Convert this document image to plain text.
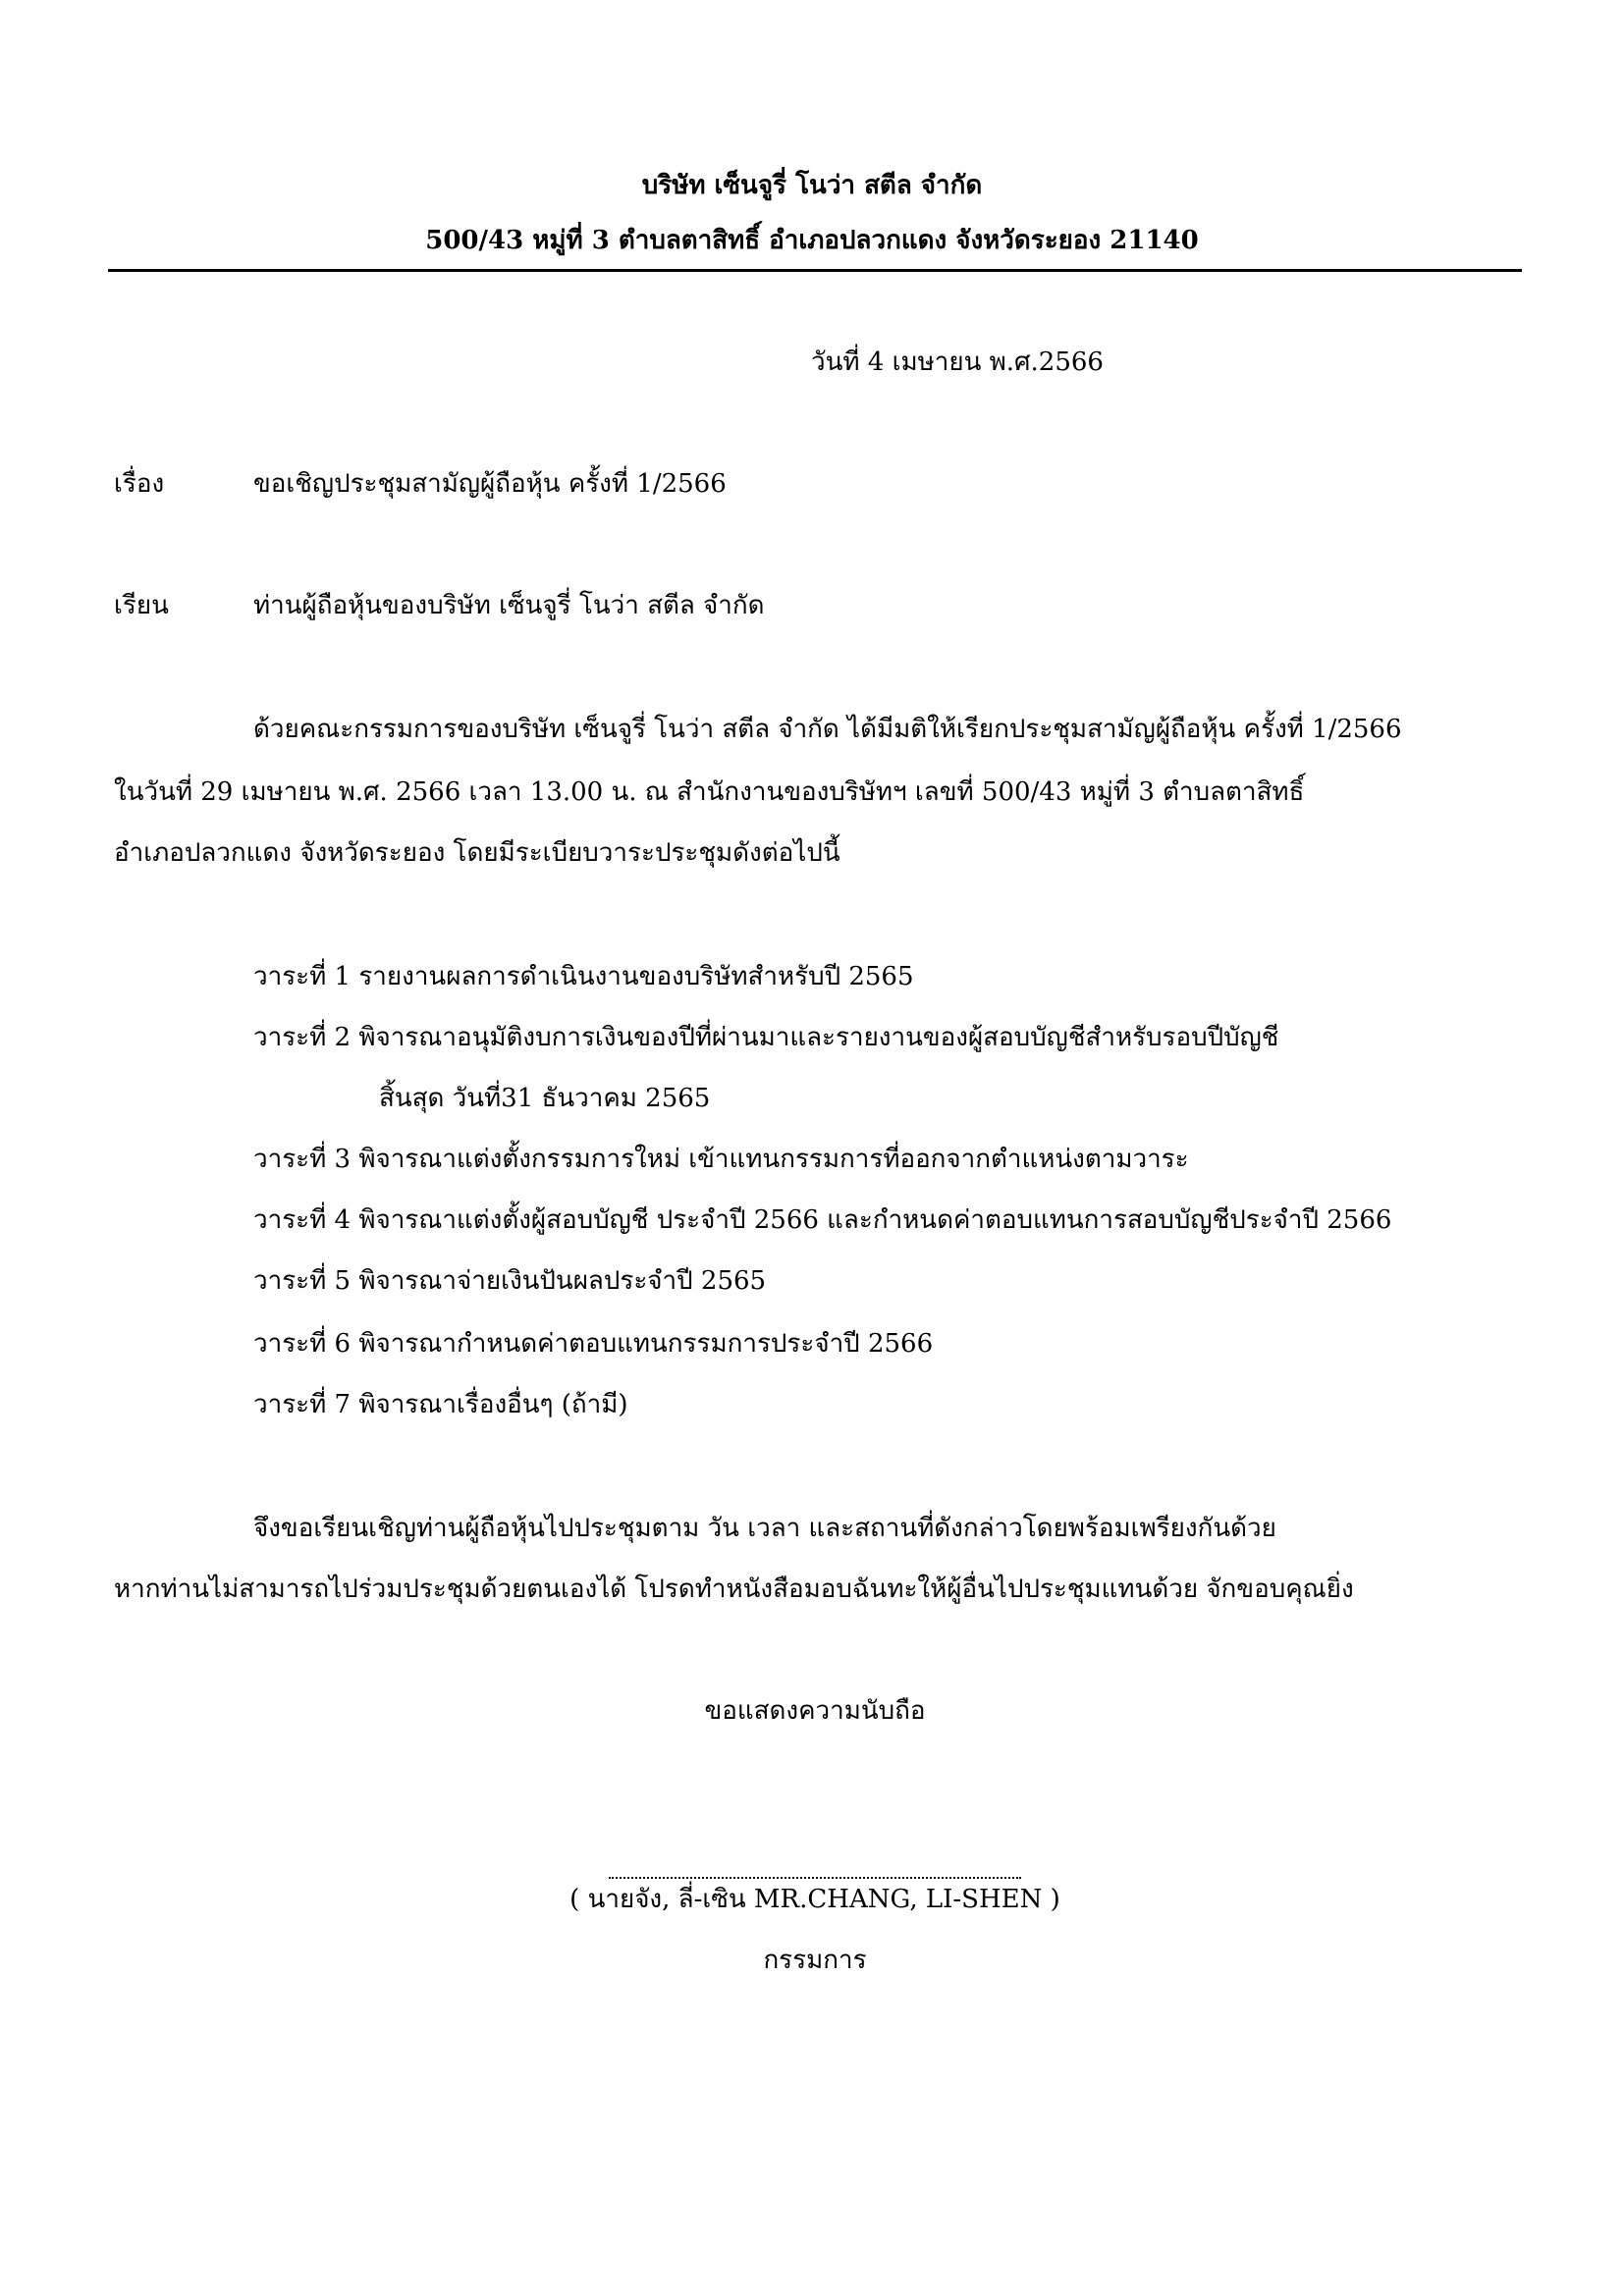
บริษัท เซ็นจูรี่ โนว่า สตีล จำกัด
500/43 หมู่ที่ 3 ตำบลตาสิทธิ์ อำเภอปลวกแดง จังหวัดระยอง 21140
วันที่ 4 เมษายน พ.ศ.2566
เรื่อง	ขอเชิญประชุมสามัญผู้ถือหุ้น ครั้งที่ 1/2566
เรียน	ท่านผู้ถือหุ้นของบริษัท เซ็นจูรี่ โนว่า สตีล จำกัด
ด้วยคณะกรรมการของบริษัท เซ็นจูรี่ โนว่า สตีล จำกัด ได้มีมติให้เรียกประชุมสามัญผู้ถือหุ้น ครั้งที่ 1/2566
ในวันที่ 29 เมษายน พ.ศ. 2566 เวลา 13.00 น. ณ สำนักงานของบริษัทฯ เลขที่ 500/43 หมู่ที่ 3 ตำบลตาสิทธิ์
อำเภอปลวกแดง จังหวัดระยอง โดยมีระเบียบวาระประชุมดังต่อไปนี้
วาระที่ 1 รายงานผลการดำเนินงานของบริษัทสำหรับปี 2565
วาระที่ 2 พิจารณาอนุมัติงบการเงินของปีที่ผ่านมาและรายงานของผู้สอบบัญชีสำหรับรอบปีบัญชี
สิ้นสุด วันที่31 ธันวาคม 2565
วาระที่ 3 พิจารณาแต่งตั้งกรรมการใหม่ เข้าแทนกรรมการที่ออกจากตำแหน่งตามวาระ
วาระที่ 4 พิจารณาแต่งตั้งผู้สอบบัญชี ประจำปี 2566 และกำหนดค่าตอบแทนการสอบบัญชีประจำปี 2566
วาระที่ 5 พิจารณาจ่ายเงินปันผลประจำปี 2565
วาระที่ 6 พิจารณากำหนดค่าตอบแทนกรรมการประจำปี 2566
วาระที่ 7 พิจารณาเรื่องอื่นๆ (ถ้ามี)
จึงขอเรียนเชิญท่านผู้ถือหุ้นไปประชุมตาม วัน เวลา และสถานที่ดังกล่าวโดยพร้อมเพรียงกันด้วย
หากท่านไม่สามารถไปร่วมประชุมด้วยตนเองได้ โปรดทำหนังสือมอบฉันทะให้ผู้อื่นไปประชุมแทนด้วย จักขอบคุณยิ่ง
ขอแสดงความนับถือ
( นายจัง, ลี่-เซิน MR.CHANG, LI-SHEN )
กรรมการ
